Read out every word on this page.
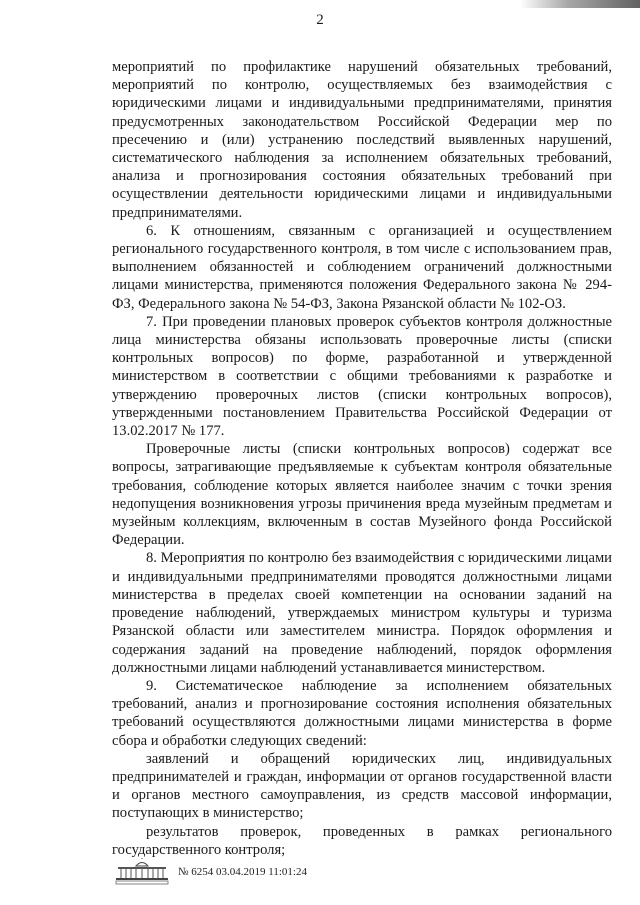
2

мероприятий по профилактике нарушений обязательных требований, мероприятий по контролю, осуществляемых без взаимодействия с юридическими лицами и индивидуальными предпринимателями, принятия предусмотренных законодательством Российской Федерации мер по пресечению и (или) устранению последствий выявленных нарушений, систематического наблюдения за исполнением обязательных требований, анализа и прогнозирования состояния обязательных требований при осуществлении деятельности юридическими лицами и индивидуальными предпринимателями.

6. К отношениям, связанным с организацией и осуществлением регионального государственного контроля, в том числе с использованием прав, выполнением обязанностей и соблюдением ограничений должностными лицами министерства, применяются положения Федерального закона № 294-ФЗ, Федерального закона № 54-ФЗ, Закона Рязанской области № 102-ОЗ.

7. При проведении плановых проверок субъектов контроля должностные лица министерства обязаны использовать проверочные листы (списки контрольных вопросов) по форме, разработанной и утвержденной министерством в соответствии с общими требованиями к разработке и утверждению проверочных листов (списки контрольных вопросов), утвержденными постановлением Правительства Российской Федерации от 13.02.2017 № 177.

Проверочные листы (списки контрольных вопросов) содержат все вопросы, затрагивающие предъявляемые к субъектам контроля обязательные требования, соблюдение которых является наиболее значим с точки зрения недопущения возникновения угрозы причинения вреда музейным предметам и музейным коллекциям, включенным в состав Музейного фонда Российской Федерации.

8. Мероприятия по контролю без взаимодействия с юридическими лицами и индивидуальными предпринимателями проводятся должностными лицами министерства в пределах своей компетенции на основании заданий на проведение наблюдений, утверждаемых министром культуры и туризма Рязанской области или заместителем министра. Порядок оформления и содержания заданий на проведение наблюдений, порядок оформления должностными лицами наблюдений устанавливается министерством.

9. Систематическое наблюдение за исполнением обязательных требований, анализ и прогнозирование состояния исполнения обязательных требований осуществляются должностными лицами министерства в форме сбора и обработки следующих сведений:

заявлений и обращений юридических лиц, индивидуальных предпринимателей и граждан, информации от органов государственной власти и органов местного самоуправления, из средств массовой информации, поступающих в министерство;

результатов проверок, проведенных в рамках регионального государственного контроля;

№ 6254 03.04.2019 11:01:24
